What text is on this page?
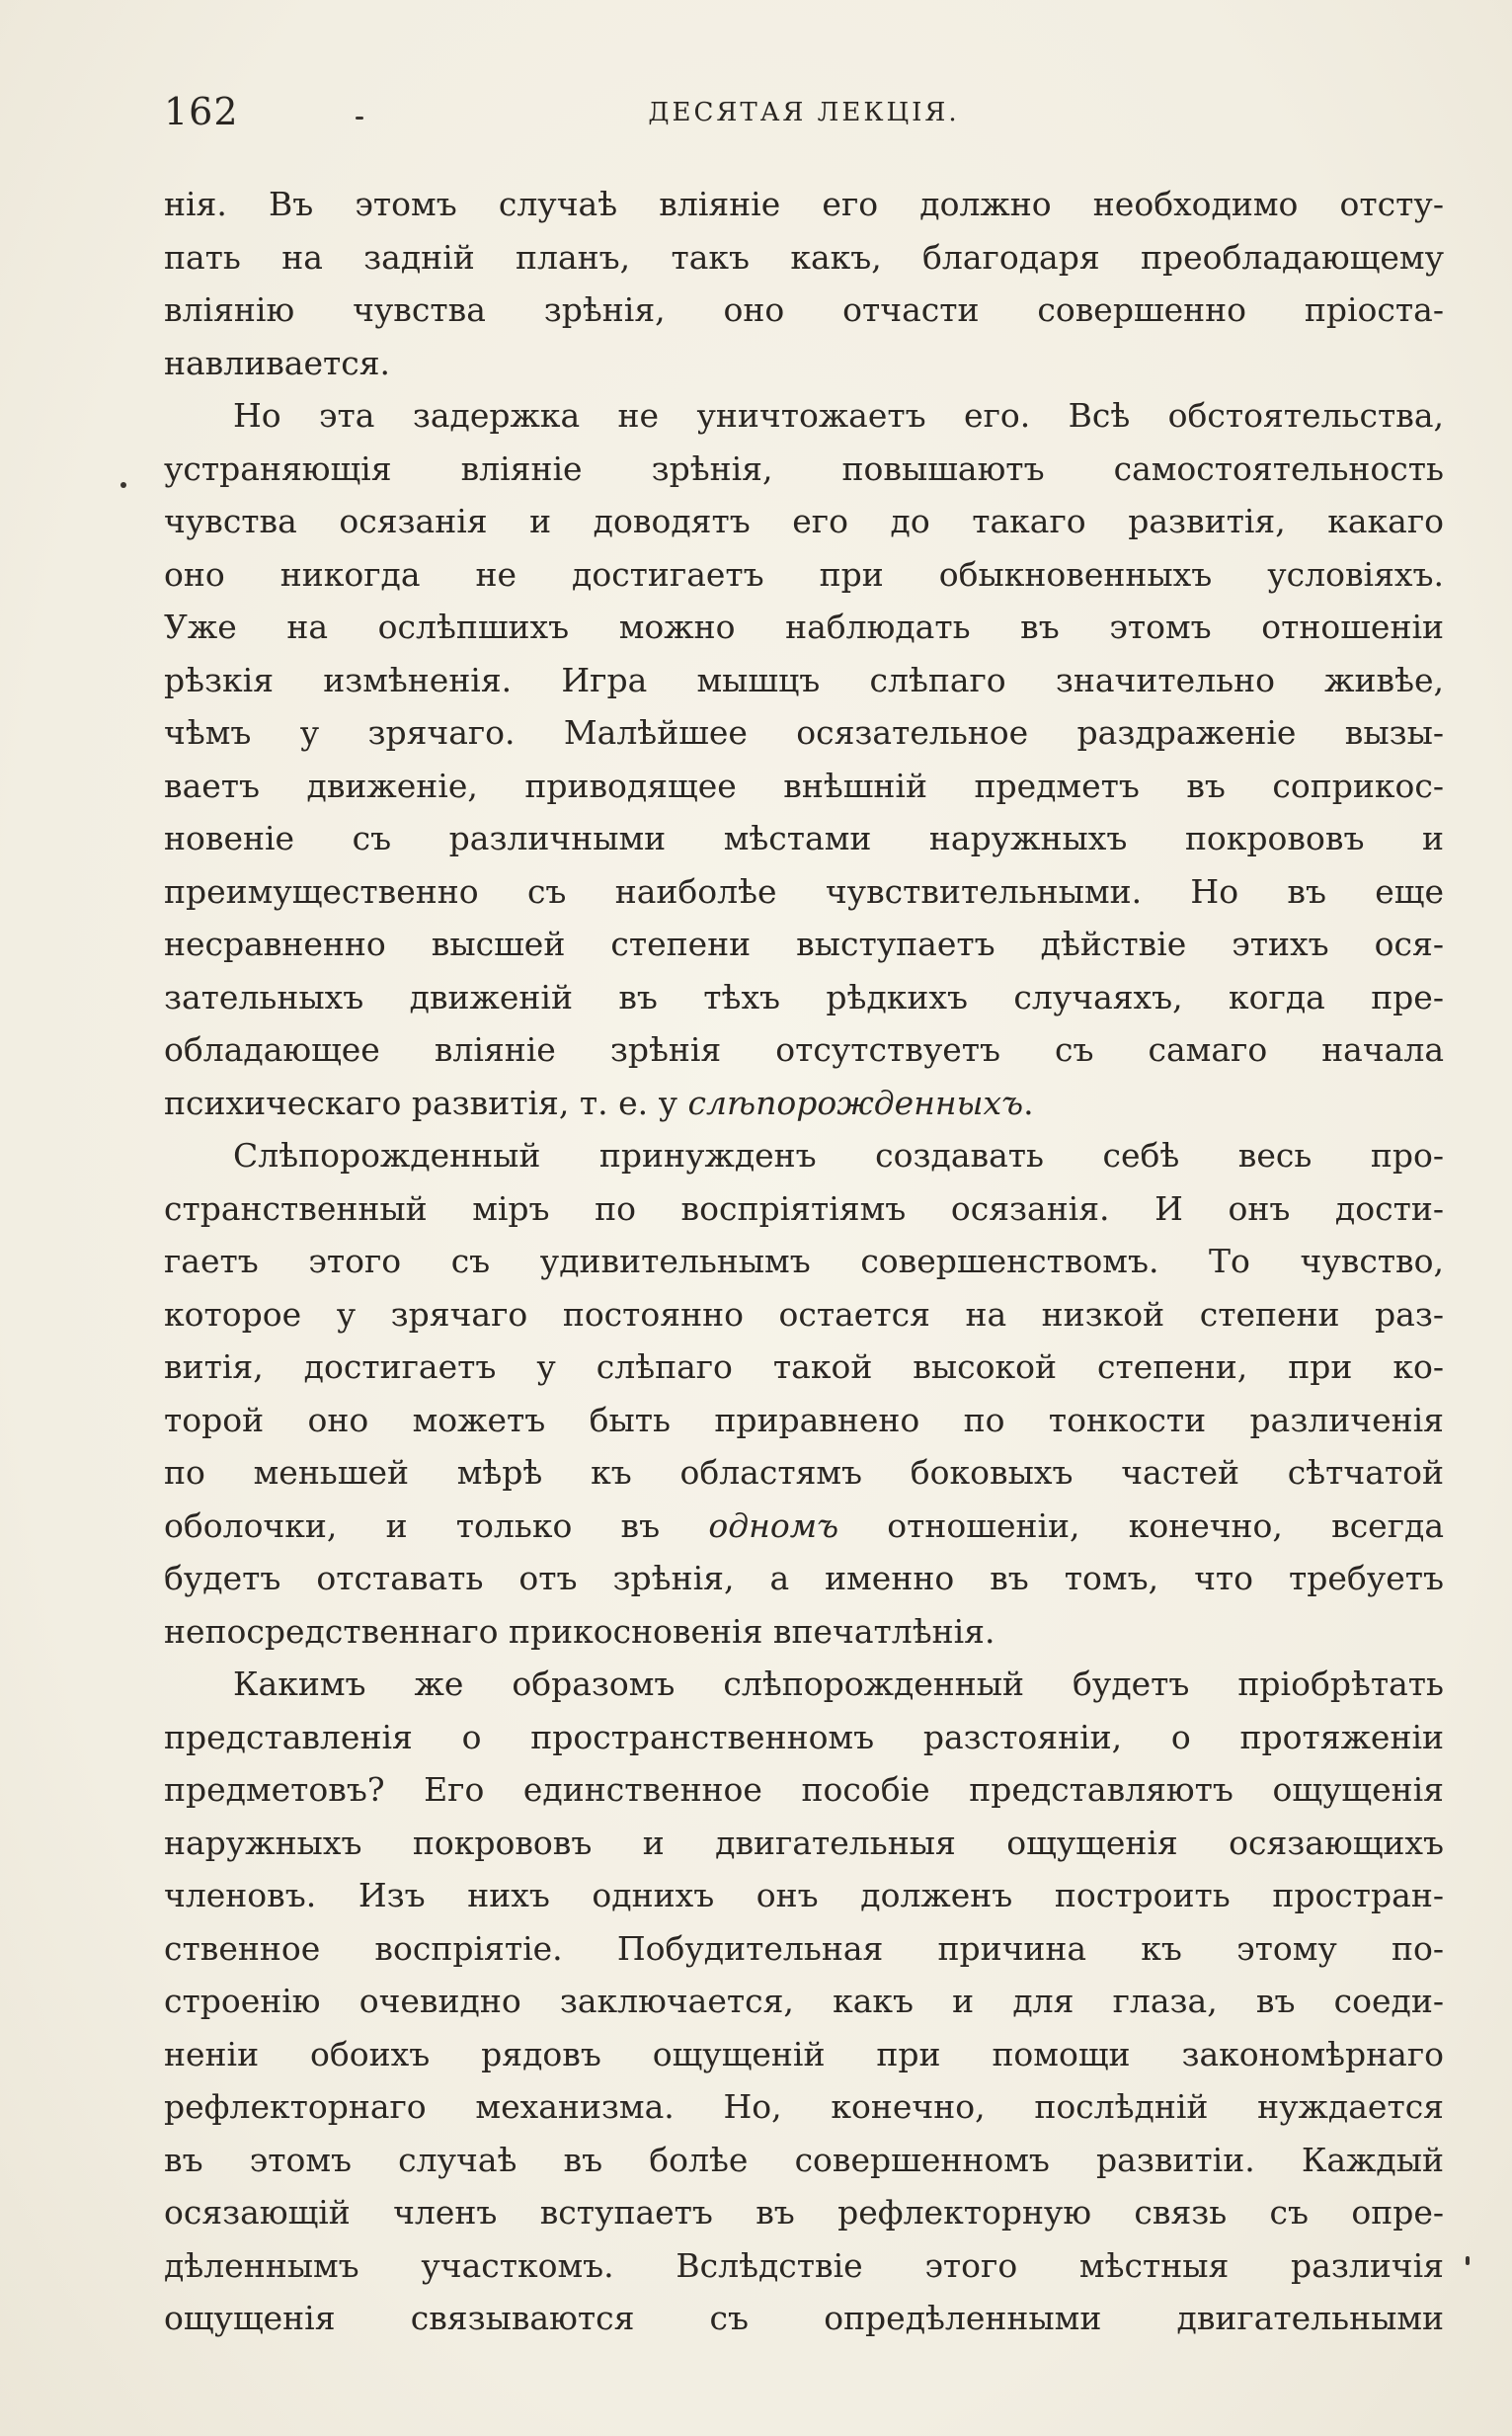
162	ДЕСЯТАЯ ЛЕКЦІЯ.
нія. Въ этомъ случаѣ вліяніе его должно необходимо отсту-
пать на задній планъ, такъ какъ, благодаря преобладающему
вліянію чувства зрѣнія, оно отчасти совершенно пріоста-
навливается.
Но эта задержка не уничтожаетъ его. Всѣ обстоятельства,
устраняющія вліяніе зрѣнія, повышаютъ самостоятельность
чувства осязанія и доводятъ его до такаго развитія, какаго
оно никогда не достигаетъ при обыкновенныхъ условіяхъ.
Уже на ослѣпшихъ можно наблюдать въ этомъ отношеніи
рѣзкія измѣненія. Игра мышцъ слѣпаго значительно живѣе,
чѣмъ у зрячаго. Малѣйшее осязательное раздраженіе вызы-
ваетъ движеніе, приводящее внѣшній предметъ въ соприкос-
новеніе съ различными мѣстами наружныхъ покрововъ и
преимущественно съ наиболѣе чувствительными. Но въ еще
несравненно высшей степени выступаетъ дѣйствіе этихъ ося-
зательныхъ движеній въ тѣхъ рѣдкихъ случаяхъ, когда пре-
обладающее вліяніе зрѣнія отсутствуетъ съ самаго начала
психическаго развитія, т. е. у слѣпорожденныхъ.
Слѣпорожденный принужденъ создавать себѣ весь про-
странственный міръ по воспріятіямъ осязанія. И онъ дости-
гаетъ этого съ удивительнымъ совершенствомъ. То чувство,
которое у зрячаго постоянно остается на низкой степени раз-
витія, достигаетъ у слѣпаго такой высокой степени, при ко-
торой оно можетъ быть приравнено по тонкости различенія
по меньшей мѣрѣ къ областямъ боковыхъ частей сѣтчатой
оболочки, и только въ одномъ отношеніи, конечно, всегда
будетъ отставать отъ зрѣнія, а именно въ томъ, что требуетъ
непосредственнаго прикосновенія впечатлѣнія.
Какимъ же образомъ слѣпорожденный будетъ пріобрѣтать
представленія о пространственномъ разстояніи, о протяженіи
предметовъ? Его единственное пособіе представляютъ ощущенія
наружныхъ покрововъ и двигательныя ощущенія осязающихъ
членовъ. Изъ нихъ однихъ онъ долженъ построить простран-
ственное воспріятіе. Побудительная причина къ этому по-
строенію очевидно заключается, какъ и для глаза, въ соеди-
неніи обоихъ рядовъ ощущеній при помощи закономѣрнаго
рефлекторнаго механизма. Но, конечно, послѣдній нуждается
въ этомъ случаѣ въ болѣе совершенномъ развитіи. Каждый
осязающій членъ вступаетъ въ рефлекторную связь съ опре-
дѣленнымъ участкомъ. Вслѣдствіе этого мѣстныя различія
ощущенія связываются съ опредѣленными двигательными
